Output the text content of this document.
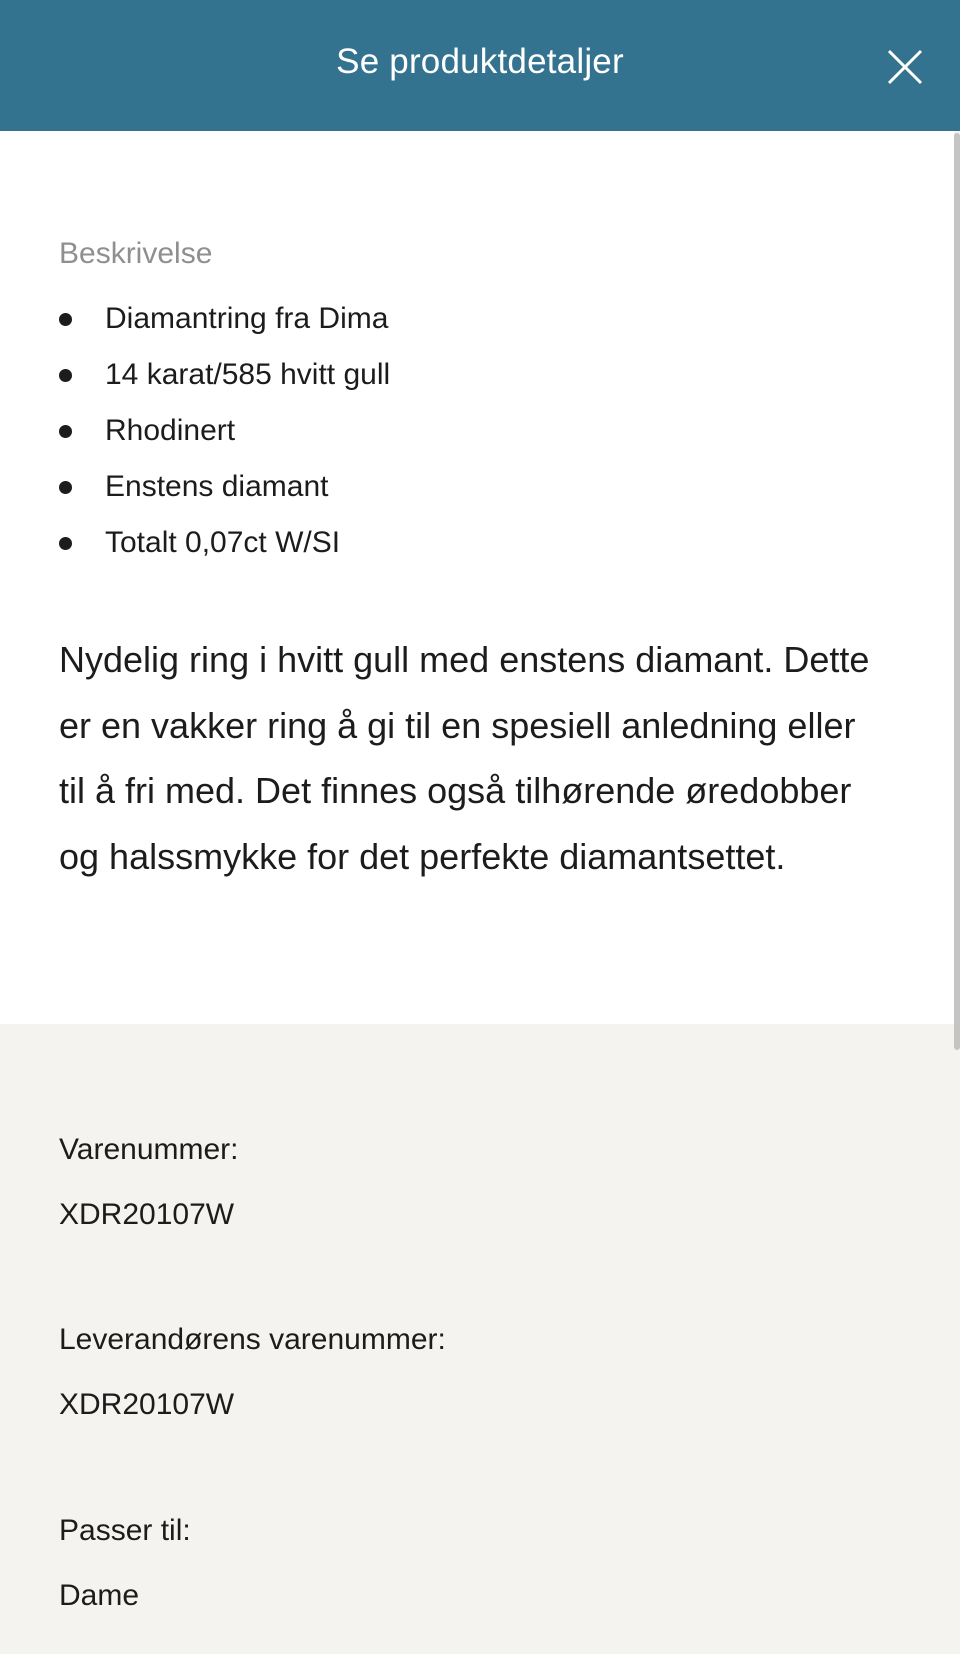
Se produktdetaljer
Beskrivelse
Diamantring fra Dima
14 karat/585 hvitt gull
Rhodinert
Enstens diamant
Totalt 0,07ct W/SI

Nydelig ring i hvitt gull med enstens diamant. Dette
er en vakker ring å gi til en spesiell anledning eller
til å fri med. Det finnes også tilhørende øredobber
og halssmykke for det perfekte diamantsettet.

Varenummer:
XDR20107W
Leverandørens varenummer:
XDR20107W
Passer til:
Dame
